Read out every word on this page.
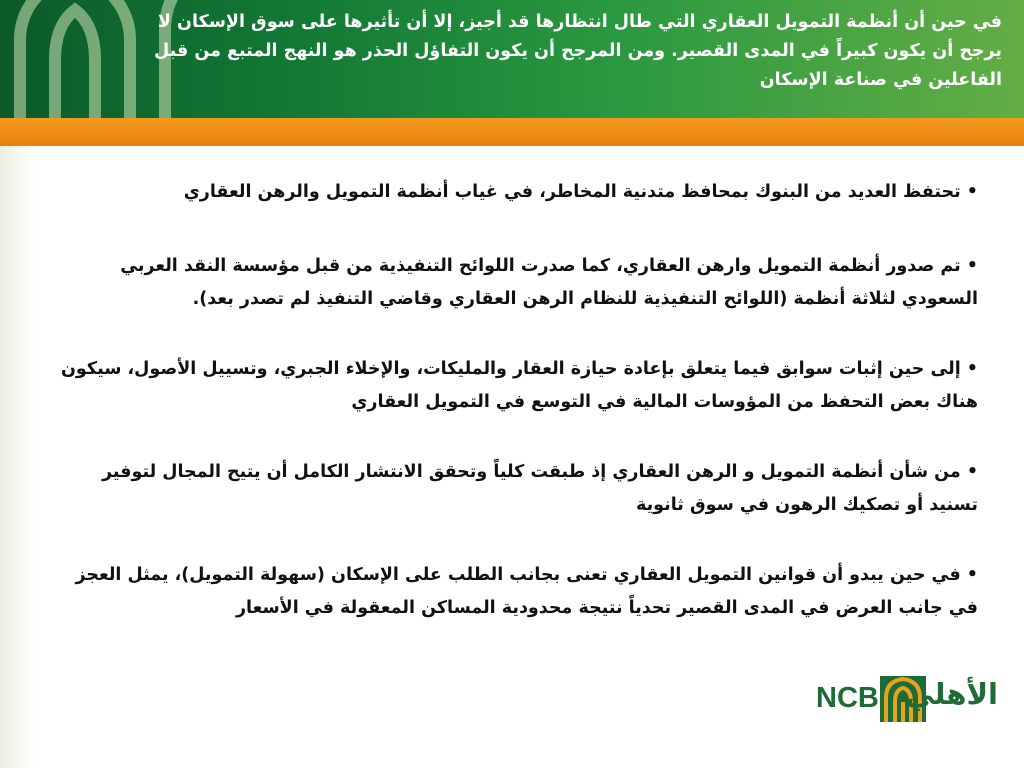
في حين أن أنظمة التمويل العقاري التي طال انتظارها قد أجيز، إلا أن تأثيرها على سوق الإسكان لا يرجح أن يكون كبيراً في المدى القصير. ومن المرجح أن يكون التفاؤل الحذر هو النهج المتبع من قبل الفاعلين في صناعة الإسكان

• تحتفظ العديد من البنوك بمحافظ متدنية المخاطر، في غياب أنظمة التمويل والرهن العقاري

• تم صدور أنظمة التمويل وارهن العقاري، كما صدرت اللوائح التنفيذية من قبل مؤسسة النقد العربي السعودي لثلاثة أنظمة (اللوائح التنفيذية للنظام الرهن العقاري وقاضي التنفيذ لم تصدر بعد).

• إلى حين إثبات سوابق فيما يتعلق بإعادة حيازة العقار والمليكات، والإخلاء الجبري، وتسييل الأصول، سيكون هناك بعض التحفظ من المؤوسات المالية في التوسع في التمويل العقاري

• من شأن أنظمة التمويل و الرهن العقاري إذ طبقت كلياً وتحقق الانتشار الكامل أن يتيح المجال لتوفير تسنيد أو تصكيك الرهون في سوق ثانوية

• في حين يبدو أن قوانين التمويل العقاري تعنى بجانب الطلب على الإسكان (سهولة التمويل)، يمثل العجز في جانب العرض في المدى القصير تحدياً نتيجة محدودية المساكن المعقولة في الأسعار

NCB الأهلي
